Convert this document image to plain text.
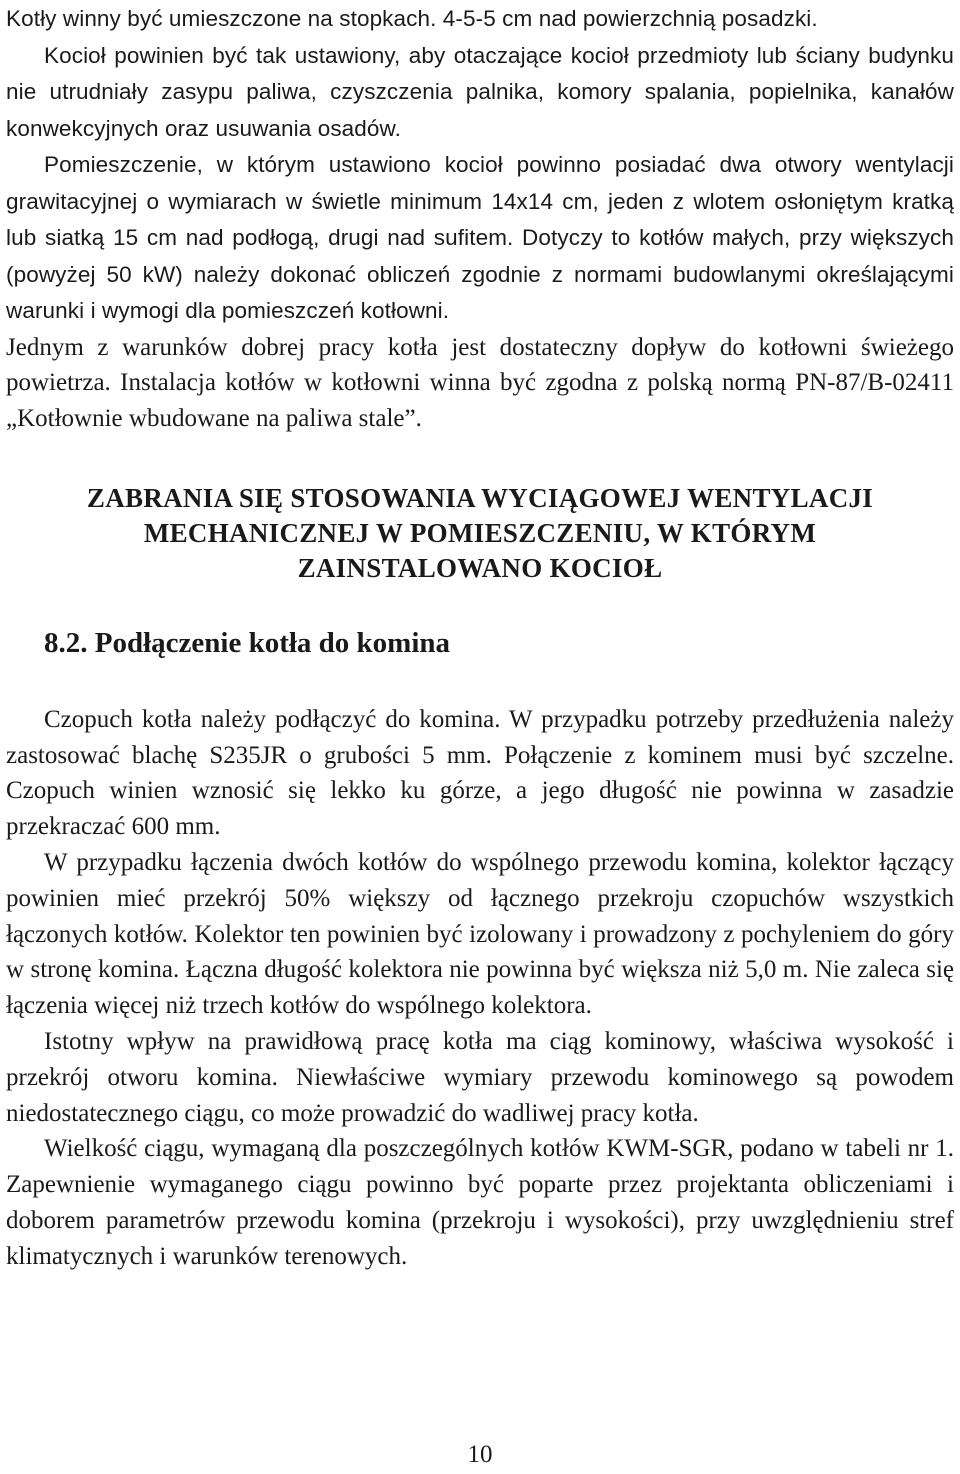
Kotły winny być umieszczone na stopkach. 4-5-5 cm nad powierzchnią posadzki.

Kocioł powinien być tak ustawiony, aby otaczające kocioł przedmioty lub ściany budynku nie utrudniały zasypu paliwa, czyszczenia palnika, komory spalania, popielnika, kanałów konwekcyjnych oraz usuwania osadów.

Pomieszczenie, w którym ustawiono kocioł powinno posiadać dwa otwory wentylacji grawitacyjnej o wymiarach w świetle minimum 14x14 cm, jeden z wlotem osłoniętym kratką lub siatką 15 cm nad podłogą, drugi nad sufitem. Dotyczy to kotłów małych, przy większych (powyżej 50 kW) należy dokonać obliczeń zgodnie z normami budowlanymi określającymi warunki i wymogi dla pomieszczeń kotłowni.

Jednym z warunków dobrej pracy kotła jest dostateczny dopływ do kotłowni świeżego powietrza. Instalacja kotłów w kotłowni winna być zgodna z polską normą PN-87/B-02411 „Kotłownie wbudowane na paliwa stale”.

ZABRANIA SIĘ STOSOWANIA WYCIĄGOWEJ WENTYLACJI MECHANICZNEJ W POMIESZCZENIU, W KTÓRYM ZAINSTALOWANO KOCIOŁ
8.2. Podłączenie kotła do komina

Czopuch kotła należy podłączyć do komina. W przypadku potrzeby przedłużenia należy zastosować blachę S235JR o grubości 5 mm. Połączenie z kominem musi być szczelne. Czopuch winien wznosić się lekko ku górze, a jego długość nie powinna w zasadzie przekraczać 600 mm.

W przypadku łączenia dwóch kotłów do wspólnego przewodu komina, kolektor łączący powinien mieć przekrój 50% większy od łącznego przekroju czopuchów wszystkich łączonych kotłów. Kolektor ten powinien być izolowany i prowadzony z pochyleniem do góry w stronę komina. Łączna długość kolektora nie powinna być większa niż 5,0 m. Nie zaleca się łączenia więcej niż trzech kotłów do wspólnego kolektora.

Istotny wpływ na prawidłową pracę kotła ma ciąg kominowy, właściwa wysokość i przekrój otworu komina. Niewłaściwe wymiary przewodu kominowego są powodem niedostatecznego ciągu, co może prowadzić do wadliwej pracy kotła.

Wielkość ciągu, wymaganą dla poszczególnych kotłów KWM-SGR, podano w tabeli nr 1. Zapewnienie wymaganego ciągu powinno być poparte przez projektanta obliczeniami i doborem parametrów przewodu komina (przekroju i wysokości), przy uwzględnieniu stref klimatycznych i warunków terenowych.

10
